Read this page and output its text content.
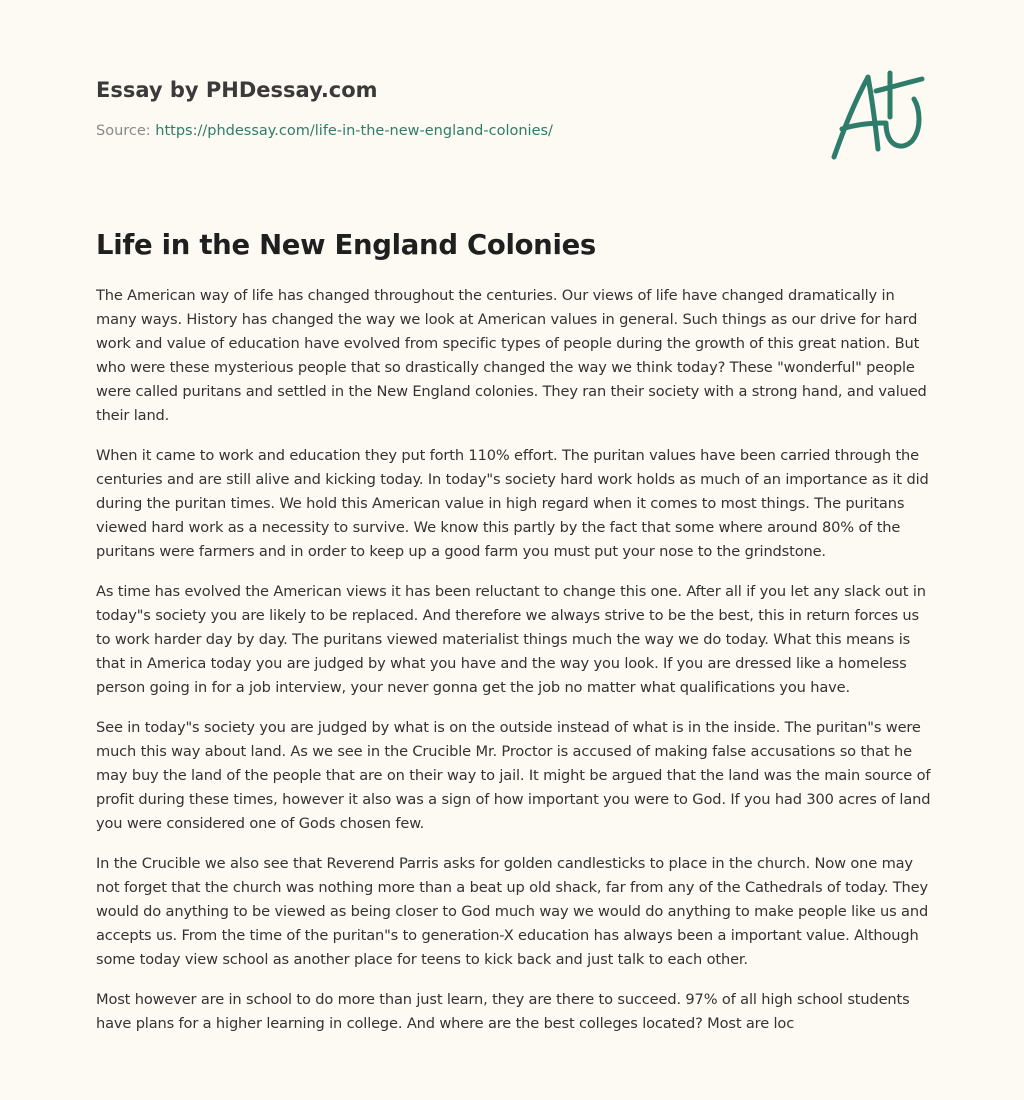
Essay by PHDessay.com
Source: https://phdessay.com/life-in-the-new-england-colonies/
Life in the New England Colonies

The American way of life has changed throughout the centuries. Our views of life have changed dramatically in many ways. History has changed the way we look at American values in general. Such things as our drive for hard work and value of education have evolved from specific types of people during the growth of this great nation. But who were these mysterious people that so drastically changed the way we think today? These "wonderful" people were called puritans and settled in the New England colonies. They ran their society with a strong hand, and valued their land.

When it came to work and education they put forth 110% effort. The puritan values have been carried through the centuries and are still alive and kicking today. In today"s society hard work holds as much of an importance as it did during the puritan times. We hold this American value in high regard when it comes to most things. The puritans viewed hard work as a necessity to survive. We know this partly by the fact that some where around 80% of the puritans were farmers and in order to keep up a good farm you must put your nose to the grindstone.

As time has evolved the American views it has been reluctant to change this one. After all if you let any slack out in today"s society you are likely to be replaced. And therefore we always strive to be the best, this in return forces us to work harder day by day. The puritans viewed materialist things much the way we do today. What this means is that in America today you are judged by what you have and the way you look. If you are dressed like a homeless person going in for a job interview, your never gonna get the job no matter what qualifications you have.

See in today"s society you are judged by what is on the outside instead of what is in the inside. The puritan"s were much this way about land. As we see in the Crucible Mr. Proctor is accused of making false accusations so that he may buy the land of the people that are on their way to jail. It might be argued that the land was the main source of profit during these times, however it also was a sign of how important you were to God. If you had 300 acres of land you were considered one of Gods chosen few.

In the Crucible we also see that Reverend Parris asks for golden candlesticks to place in the church. Now one may not forget that the church was nothing more than a beat up old shack, far from any of the Cathedrals of today. They would do anything to be viewed as being closer to God much way we would do anything to make people like us and accepts us. From the time of the puritan"s to generation-X education has always been a important value. Although some today view school as another place for teens to kick back and just talk to each other.

Most however are in school to do more than just learn, they are there to succeed. 97% of all high school students have plans for a higher learning in college. And where are the best colleges located? Most are loc
